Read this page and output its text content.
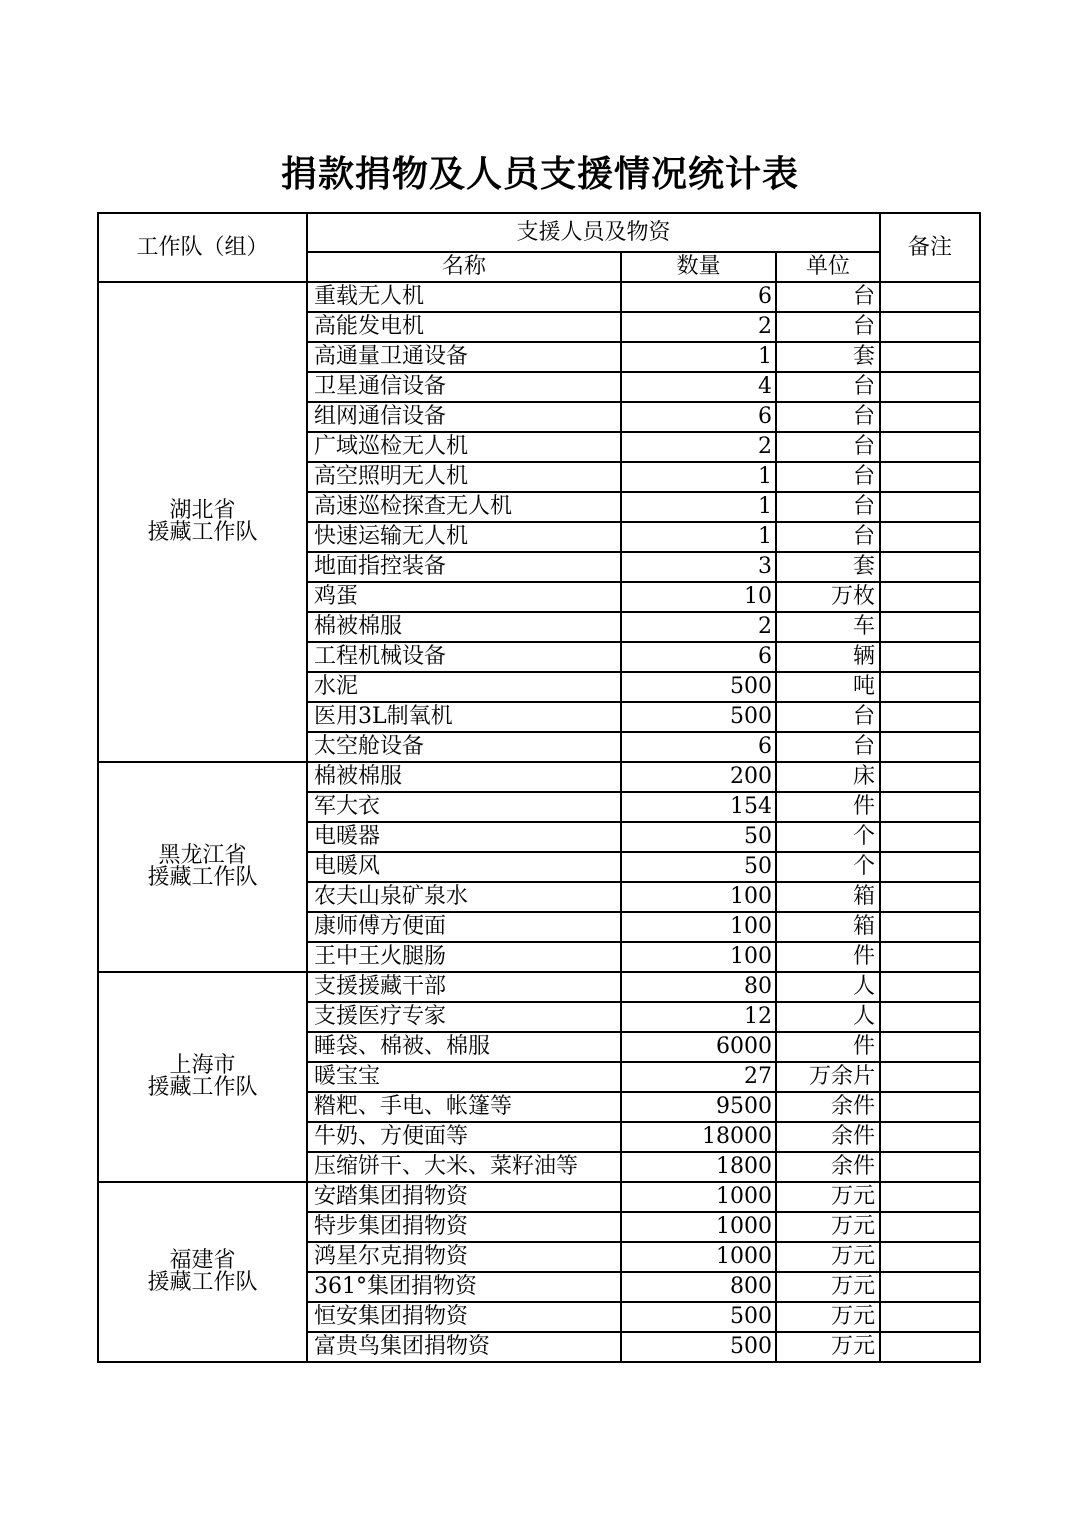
捐款捐物及人员支援情况统计表
工作队（组）	支援人员及物资			备注
	名称	数量	单位	

湖北省
援藏工作队	重载无人机	6	台	
	高能发电机	2	台	
	高通量卫通设备	1	套	
	卫星通信设备	4	台	
	组网通信设备	6	台	
	广域巡检无人机	2	台	
	高空照明无人机	1	台	
	高速巡检探查无人机	1	台	
	快速运输无人机	1	台	
	地面指控装备	3	套	
	鸡蛋	10	万枚	
	棉被棉服	2	车	
	工程机械设备	6	辆	
	水泥	500	吨	
	医用3L制氧机	500	台	
	太空舱设备	6	台	

黑龙江省
援藏工作队	棉被棉服	200	床	
	军大衣	154	件	
	电暖器	50	个	
	电暖风	50	个	
	农夫山泉矿泉水	100	箱	
	康师傅方便面	100	箱	
	王中王火腿肠	100	件	

上海市
援藏工作队	支援援藏干部	80	人	
	支援医疗专家	12	人	
	睡袋、棉被、棉服	6000	件	
	暖宝宝	27	万余片	
	糌粑、手电、帐篷等	9500	余件	
	牛奶、方便面等	18000	余件	
	压缩饼干、大米、菜籽油等	1800	余件	

福建省
援藏工作队	安踏集团捐物资	1000	万元	
	特步集团捐物资	1000	万元	
	鸿星尔克捐物资	1000	万元	
	361°集团捐物资	800	万元	
	恒安集团捐物资	500	万元	
	富贵鸟集团捐物资	500	万元	
